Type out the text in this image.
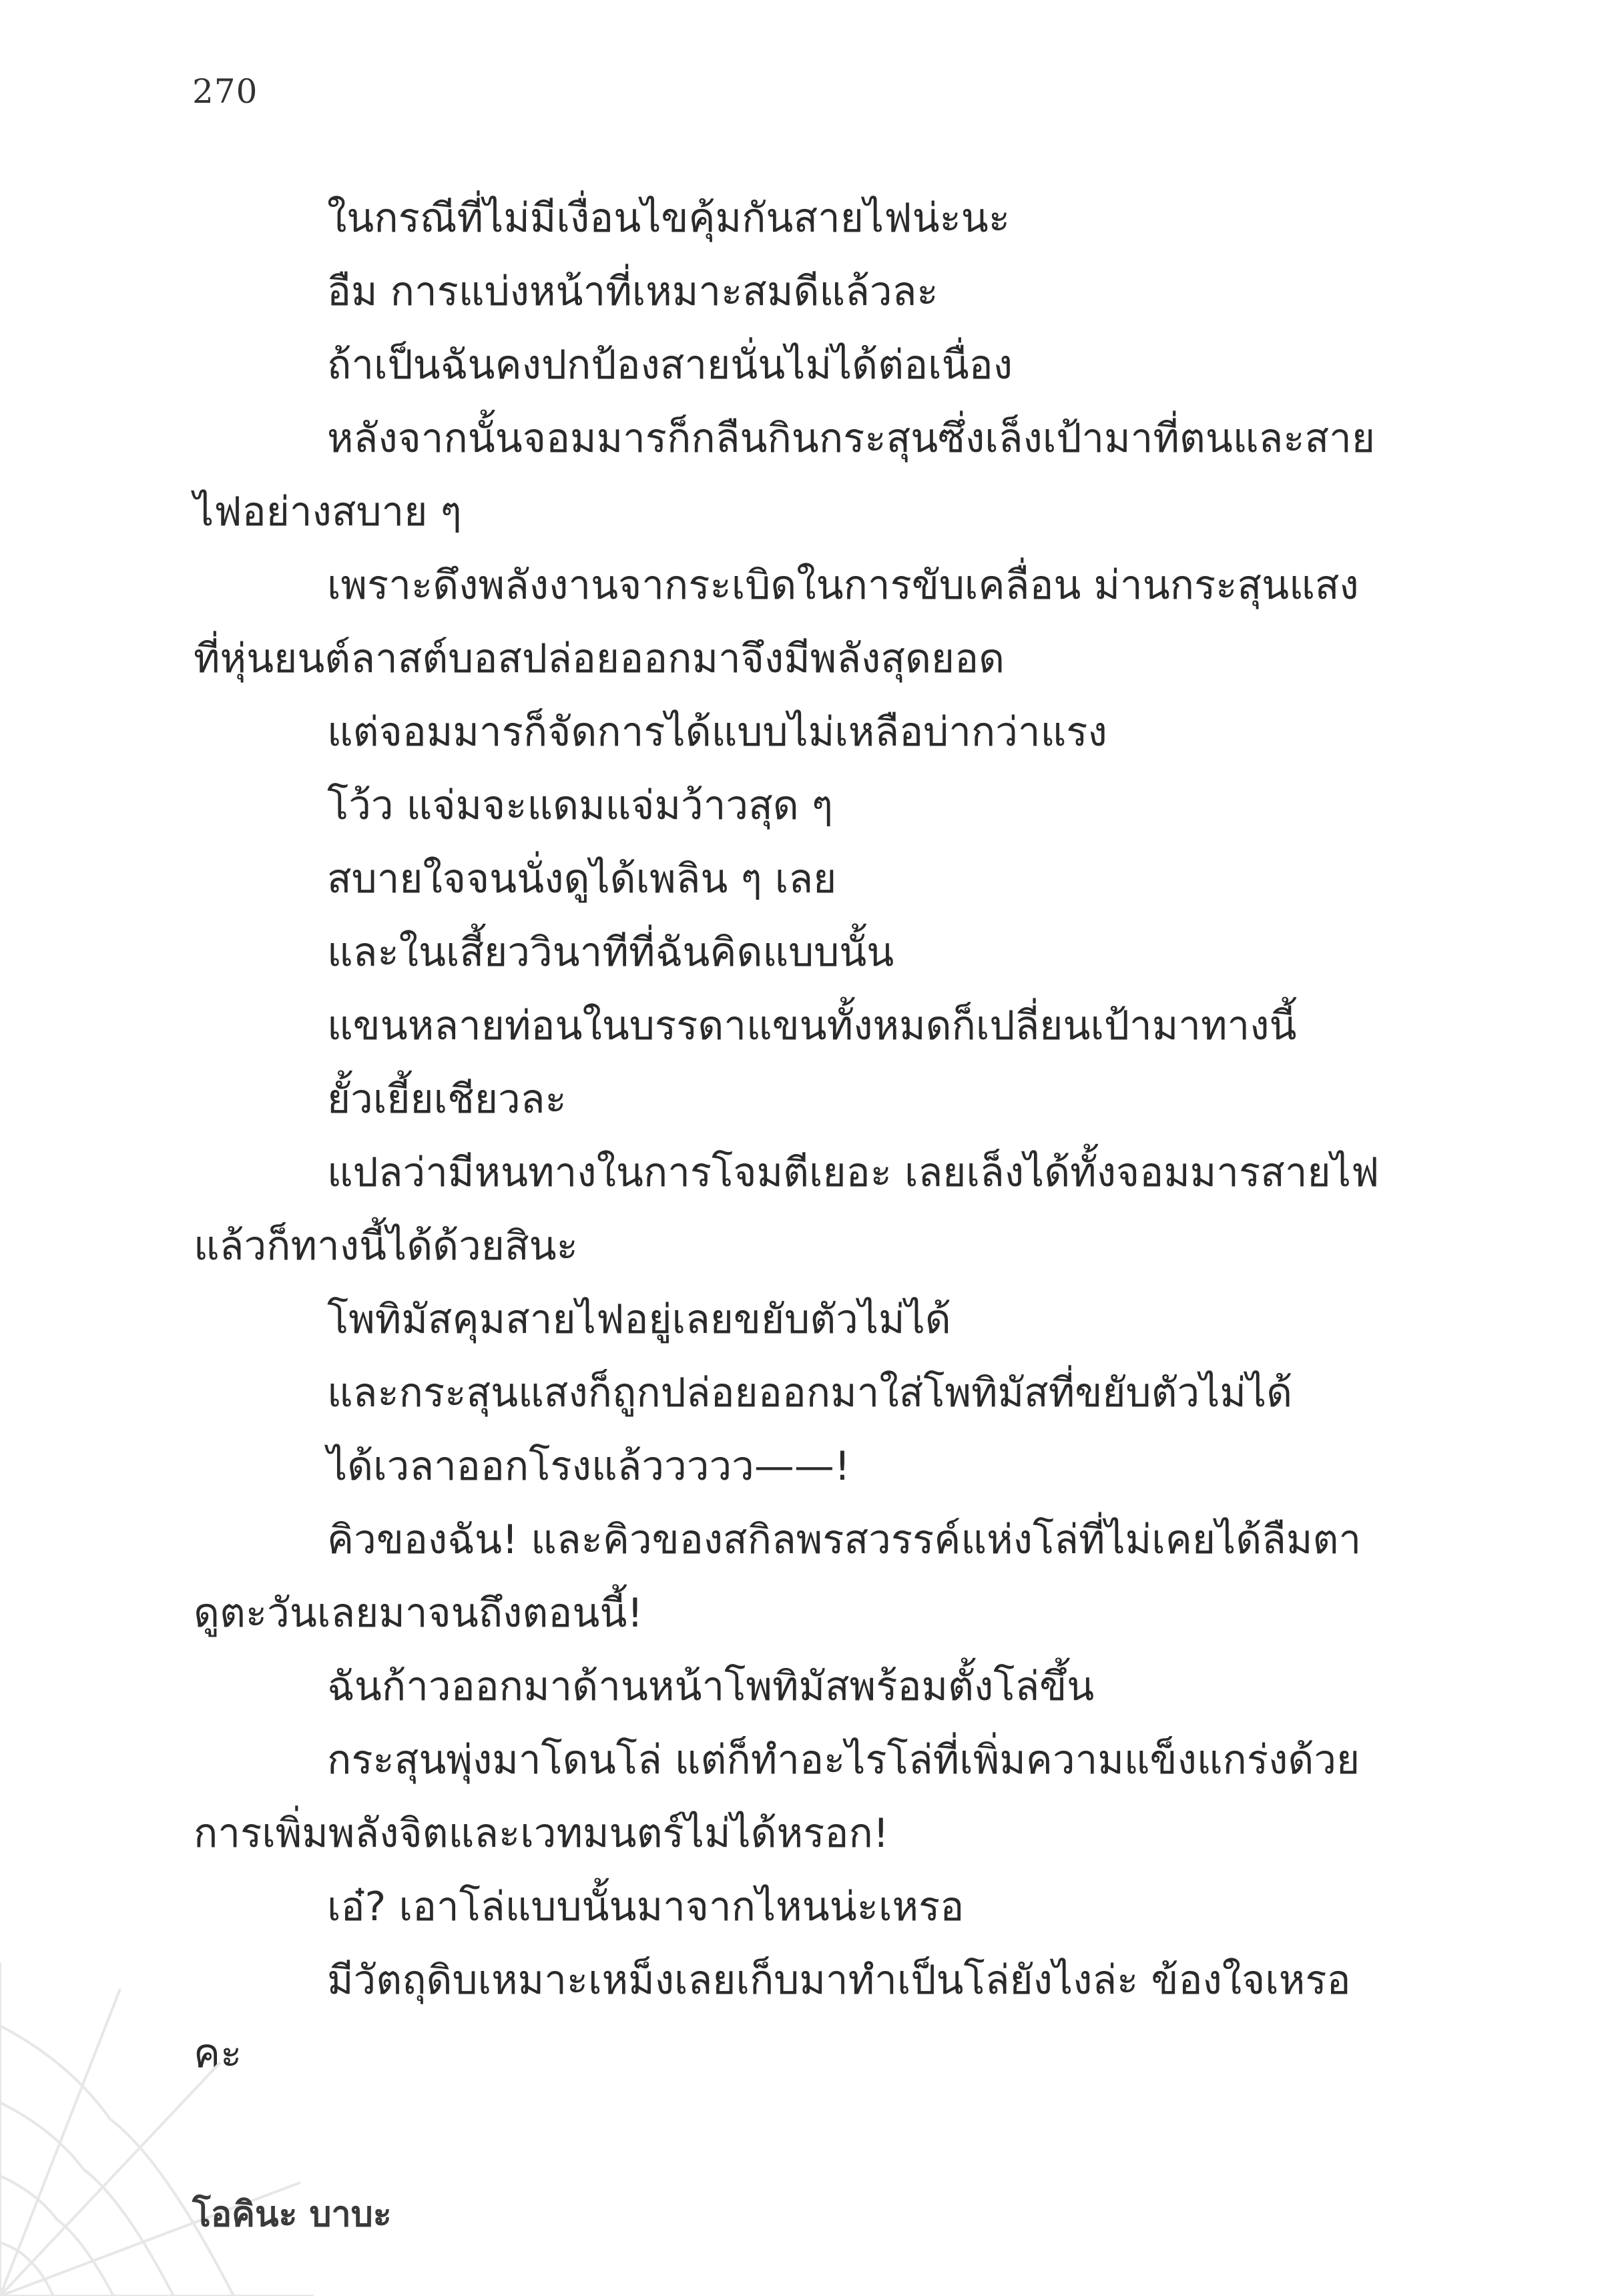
270

ในกรณีที่ไม่มีเงื่อนไขคุ้มกันสายไฟน่ะนะ

อืม การแบ่งหน้าที่เหมาะสมดีแล้วละ

ถ้าเป็นฉันคงปกป้องสายนั่นไม่ได้ต่อเนื่อง

หลังจากนั้นจอมมารก็กลืนกินกระสุนซึ่งเล็งเป้ามาที่ตนและสายไฟอย่างสบาย ๆ

เพราะดึงพลังงานจากระเบิดในการขับเคลื่อน ม่านกระสุนแสงที่หุ่นยนต์ลาสต์บอสปล่อยออกมาจึงมีพลังสุดยอด

แต่จอมมารก็จัดการได้แบบไม่เหลือบ่ากว่าแรง

โว้ว แจ่มจะแดมแจ่มว้าวสุด ๆ

สบายใจจนนั่งดูได้เพลิน ๆ เลย

และในเสี้ยววินาทีที่ฉันคิดแบบนั้น

แขนหลายท่อนในบรรดาแขนทั้งหมดก็เปลี่ยนเป้ามาทางนี้

ยั้วเยี้ยเชียวละ

แปลว่ามีหนทางในการโจมตีเยอะ เลยเล็งได้ทั้งจอมมารสายไฟแล้วก็ทางนี้ได้ด้วยสินะ

โพทิมัสคุมสายไฟอยู่เลยขยับตัวไม่ได้

และกระสุนแสงก็ถูกปล่อยออกมาใส่โพทิมัสที่ขยับตัวไม่ได้

ได้เวลาออกโรงแล้ววววว——!

คิวของฉัน! และคิวของสกิลพรสวรรค์แห่งโล่ที่ไม่เคยได้ลืมตาดูตะวันเลยมาจนถึงตอนนี้!

ฉันก้าวออกมาด้านหน้าโพทิมัสพร้อมตั้งโล่ขึ้น

กระสุนพุ่งมาโดนโล่ แต่ก็ทำอะไรโล่ที่เพิ่มความแข็งแกร่งด้วยการเพิ่มพลังจิตและเวทมนตร์ไม่ได้หรอก!

เอ๋? เอาโล่แบบนั้นมาจากไหนน่ะเหรอ

มีวัตถุดิบเหมาะเหม็งเลยเก็บมาทำเป็นโล่ยังไงล่ะ ข้องใจเหรอคะ

โอคินะ บาบะ
